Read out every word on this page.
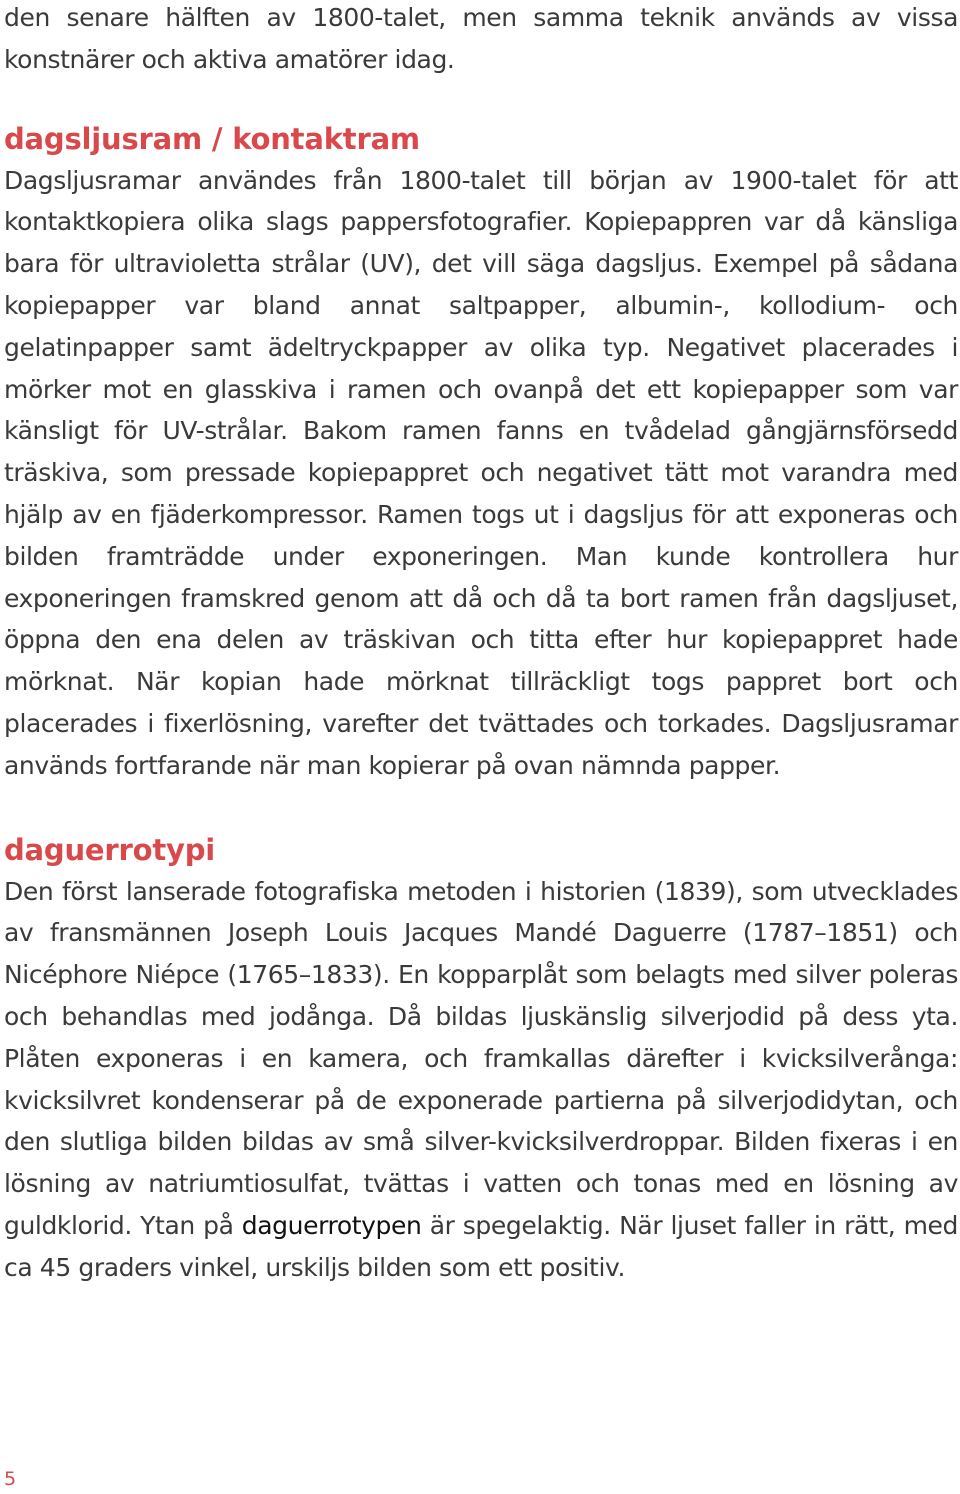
den senare hälften av 1800-talet, men samma teknik används av vissa konstnärer och aktiva amatörer idag.

dagsljusram / kontaktram

Dagsljusramar användes från 1800-talet till början av 1900-talet för att kontaktkopiera olika slags pappersfotografier. Kopiepappren var då känsliga bara för ultravioletta strålar (UV), det vill säga dagsljus. Exempel på sådana kopiepapper var bland annat saltpapper, albumin-, kollodium- och gelatinpapper samt ädeltryckpapper av olika typ. Negativet placerades i mörker mot en glasskiva i ramen och ovanpå det ett kopiepapper som var känsligt för UV-strålar. Bakom ramen fanns en tvådelad gångjärnsförsedd träskiva, som pressade kopiepappret och negativet tätt mot varandra med hjälp av en fjäderkompressor. Ramen togs ut i dagsljus för att exponeras och bilden framträdde under exponeringen. Man kunde kontrollera hur exponeringen framskred genom att då och då ta bort ramen från dagsljuset, öppna den ena delen av träskivan och titta efter hur kopiepappret hade mörknat. När kopian hade mörknat tillräckligt togs pappret bort och placerades i fixerlösning, varefter det tvättades och torkades. Dagsljusramar används fortfarande när man kopierar på ovan nämnda papper.

daguerrotypi

Den först lanserade fotografiska metoden i historien (1839), som utvecklades av fransmännen Joseph Louis Jacques Mandé Daguerre (1787–1851) och Nicéphore Niépce (1765–1833). En kopparplåt som belagts med silver poleras och behandlas med jodånga. Då bildas ljuskänslig silverjodid på dess yta. Plåten exponeras i en kamera, och framkallas därefter i kvicksilverånga: kvicksilvret kondenserar på de exponerade partierna på silverjodidytan, och den slutliga bilden bildas av små silver-kvicksilverdroppar. Bilden fixeras i en lösning av natriumtiosulfat, tvättas i vatten och tonas med en lösning av guldklorid. Ytan på daguerrotypen är spegelaktig. När ljuset faller in rätt, med ca 45 graders vinkel, urskiljs bilden som ett positiv.

5
